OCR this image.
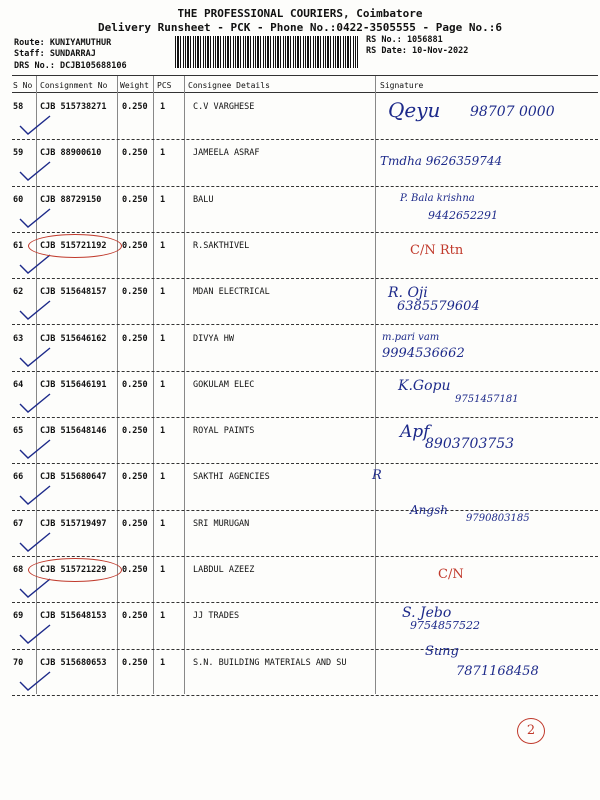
THE PROFESSIONAL COURIERS, Coimbatore
Delivery Runsheet - PCK - Phone No.:0422-3505555 - Page No.:6
Route: KUNIYAMUTHUR
Staff: SUNDARRAJ
DRS No.: DCJB105688106
RS No.: 1056881
RS Date: 10-Nov-2022
S No Consignment No Weight PCS Consignee Details	Signature
58 CJB 515738271 0.250 1	C.V VARGHESE	Qeyu 98707 0000
59 CJB 88900610 0.250 1	JAMEELA ASRAF
Tmdha 9626359744
60 CJB 88729150 0.250 1	BALU	P. Bala krishna
9442652291
61 CJB 515721192 0.250 1	R.SAKTHIVEL	C/N Rtn
62 CJB 515648157 0.250 1	MDAN ELECTRICAL	R. Oji
6385579604
63 CJB 515646162 0.250 1	DIVYA HW	m.pari vam
9994536662
64 CJB 515646191 0.250 1	GOKULAM ELEC	K.Gopu
9751457181
65 CJB 515648146 0.250 1	ROYAL PAINTS	Apf
8903703753
66 CJB 515680647 0.250 1	SAKTHI AGENCIES	R
67 CJB 515719497 0.250 1	SRI MURUGAN
Angsh
9790803185
68 CJB 515721229 0.250 1	LABDUL AZEEZ	C/N
69 CJB 515648153 0.250 1	JJ TRADES	S. Jebo
9754857522
70 CJB 515680653 0.250 1	S.N. BUILDING MATERIALS AND SU
Sung
7871168458
2
